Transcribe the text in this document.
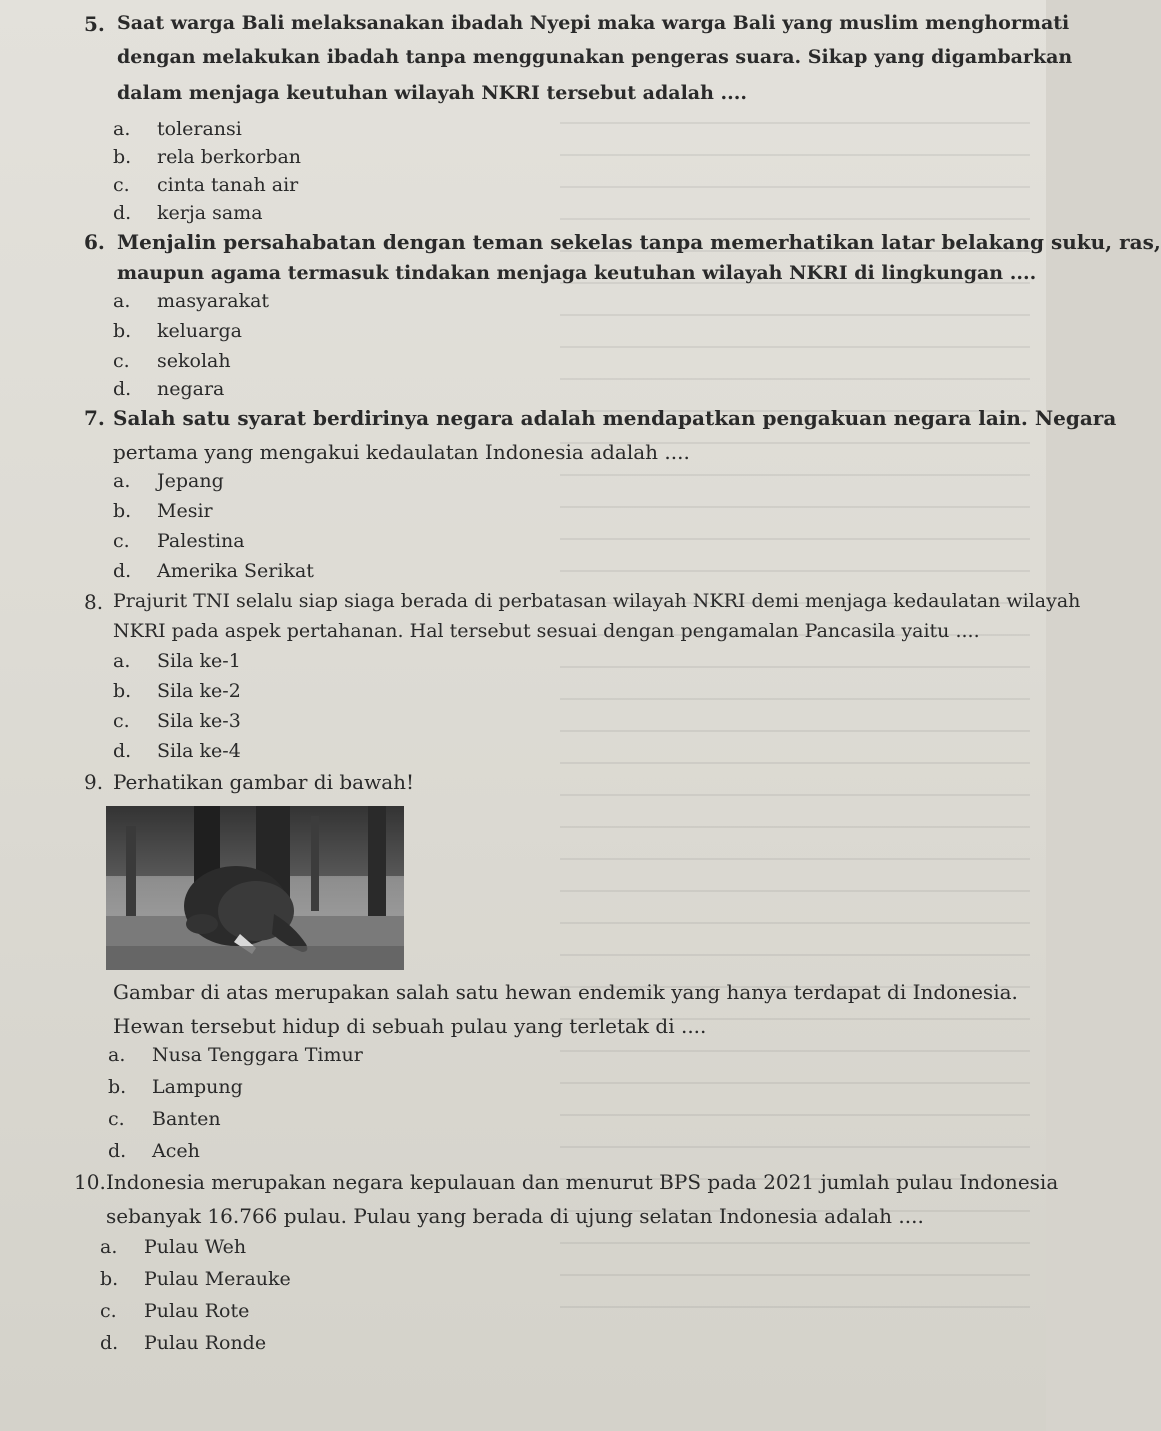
5. Saat warga Bali melaksanakan ibadah Nyepi maka warga Bali yang muslim menghormati
dengan melakukan ibadah tanpa menggunakan pengeras suara. Sikap yang digambarkan
dalam menjaga keutuhan wilayah NKRI tersebut adalah ....
a. toleransi
b. rela berkorban
c. cinta tanah air
d. kerja sama
6. Menjalin persahabatan dengan teman sekelas tanpa memerhatikan latar belakang suku, ras,
maupun agama termasuk tindakan menjaga keutuhan wilayah NKRI di lingkungan ....
a. masyarakat
b. keluarga
c. sekolah
d. negara
7. Salah satu syarat berdirinya negara adalah mendapatkan pengakuan negara lain. Negara
pertama yang mengakui kedaulatan Indonesia adalah ....
a. Jepang
b. Mesir
c. Palestina
d. Amerika Serikat
8. Prajurit TNI selalu siap siaga berada di perbatasan wilayah NKRI demi menjaga kedaulatan wilayah
NKRI pada aspek pertahanan. Hal tersebut sesuai dengan pengamalan Pancasila yaitu ....
a. Sila ke-1
b. Sila ke-2
c. Sila ke-3
d. Sila ke-4
9. Perhatikan gambar di bawah!
Gambar di atas merupakan salah satu hewan endemik yang hanya terdapat di Indonesia.
Hewan tersebut hidup di sebuah pulau yang terletak di ....
a. Nusa Tenggara Timur
b. Lampung
c. Banten
d. Aceh
10. Indonesia merupakan negara kepulauan dan menurut BPS pada 2021 jumlah pulau Indonesia
sebanyak 16.766 pulau. Pulau yang berada di ujung selatan Indonesia adalah ....
a. Pulau Weh
b. Pulau Merauke
c. Pulau Rote
d. Pulau Ronde
